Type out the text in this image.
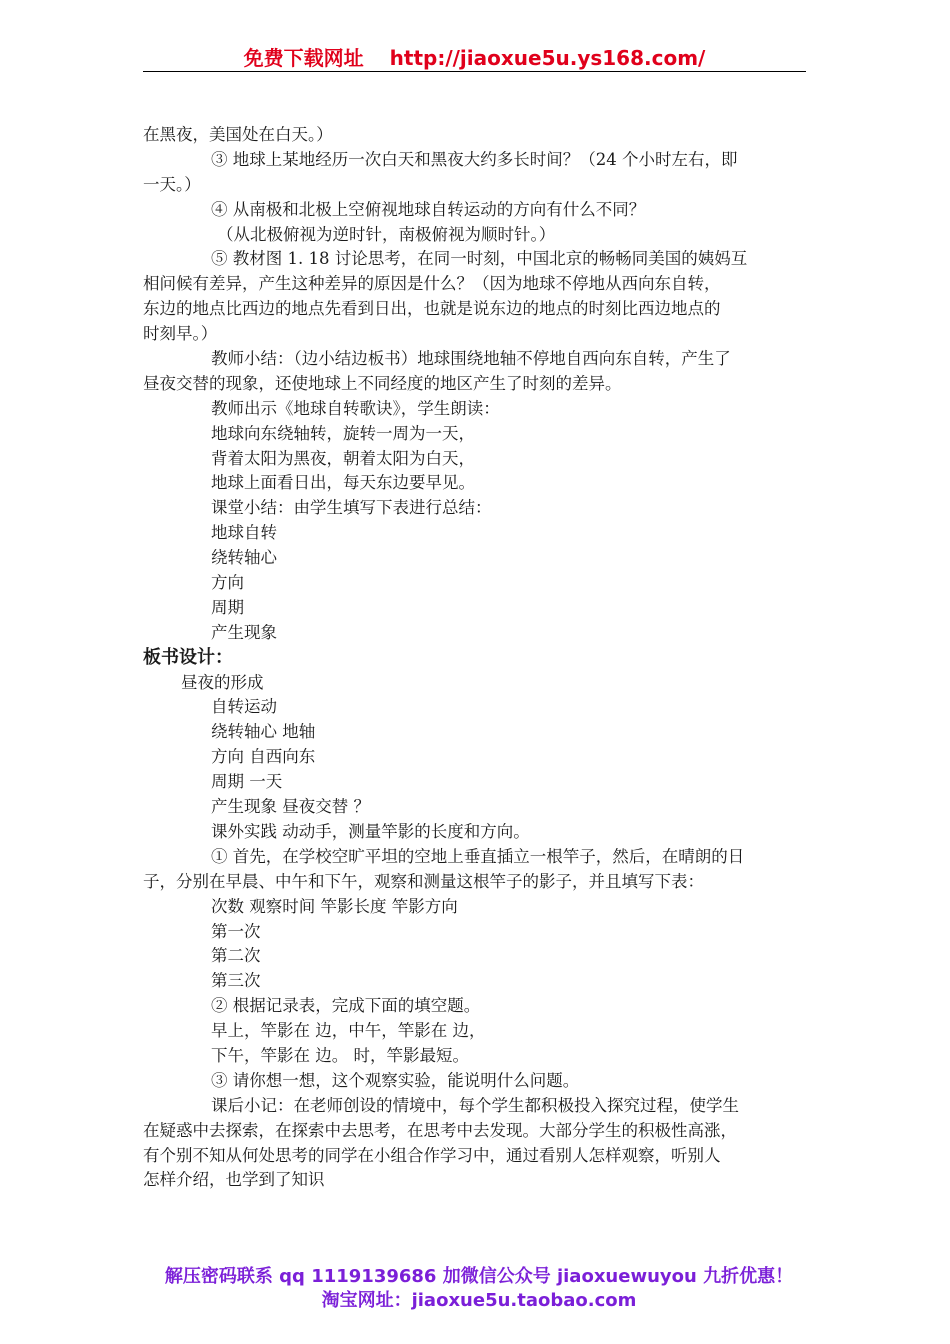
免费下载网址 http://jiaoxue5u.ys168.com/
在黑夜，美国处在白天。）
③ 地球上某地经历一次白天和黑夜大约多长时间？（24 个小时左右，即
一天。）
④ 从南极和北极上空俯视地球自转运动的方向有什么不同？
（从北极俯视为逆时针，南极俯视为顺时针。）
⑤ 教材图 1. 18 讨论思考，在同一时刻，中国北京的畅畅同美国的姨妈互
相问候有差异，产生这种差异的原因是什么？（因为地球不停地从西向东自转，
东边的地点比西边的地点先看到日出，也就是说东边的地点的时刻比西边地点的
时刻早。）
教师小结：（边小结边板书）地球围绕地轴不停地自西向东自转，产生了
昼夜交替的现象，还使地球上不同经度的地区产生了时刻的差异。
教师出示《地球自转歌诀》，学生朗读：
地球向东绕轴转，旋转一周为一天，
背着太阳为黑夜，朝着太阳为白天，
地球上面看日出，每天东边要早见。
课堂小结：由学生填写下表进行总结：
地球自转
绕转轴心
方向
周期
产生现象
板书设计：
昼夜的形成
自转运动
绕转轴心 地轴
方向 自西向东
周期 一天
产生现象 昼夜交替 ？
课外实践 动动手，测量竿影的长度和方向。
① 首先，在学校空旷平坦的空地上垂直插立一根竿子，然后，在晴朗的日
子，分别在早晨、中午和下午，观察和测量这根竿子的影子，并且填写下表：
次数 观察时间 竿影长度 竿影方向
第一次
第二次
第三次
② 根据记录表，完成下面的填空题。
早上，竿影在 边，中午，竿影在 边，
下午，竿影在 边。 时，竿影最短。
③ 请你想一想，这个观察实验，能说明什么问题。
课后小记：在老师创设的情境中，每个学生都积极投入探究过程，使学生
在疑惑中去探索，在探索中去思考，在思考中去发现。大部分学生的积极性高涨，
有个别不知从何处思考的同学在小组合作学习中，通过看别人怎样观察，听别人
怎样介绍，也学到了知识
解压密码联系 qq 1119139686 加微信公众号 jiaoxuewuyou 九折优惠！
淘宝网址：jiaoxue5u.taobao.com
